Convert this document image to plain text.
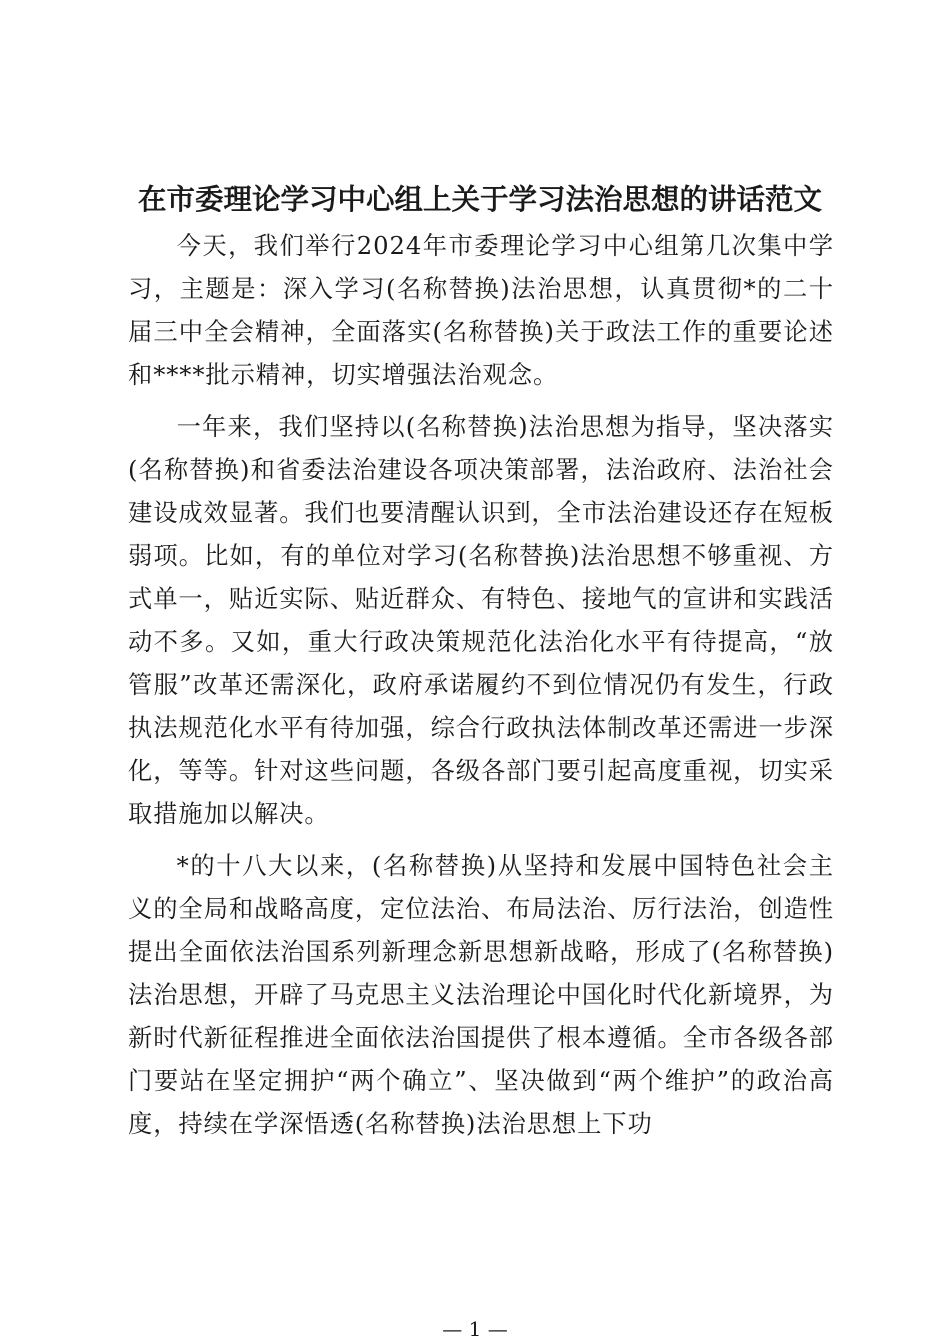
在市委理论学习中心组上关于学习法治思想的讲话范文

今天，我们举行2024年市委理论学习中心组第几次集中学习，主题是：深入学习(名称替换)法治思想，认真贯彻*的二十届三中全会精神，全面落实(名称替换)关于政法工作的重要论述和****批示精神，切实增强法治观念。

一年来，我们坚持以(名称替换)法治思想为指导，坚决落实(名称替换)和省委法治建设各项决策部署，法治政府、法治社会建设成效显著。我们也要清醒认识到，全市法治建设还存在短板弱项。比如，有的单位对学习(名称替换)法治思想不够重视、方式单一，贴近实际、贴近群众、有特色、接地气的宣讲和实践活动不多。又如，重大行政决策规范化法治化水平有待提高，“放管服”改革还需深化，政府承诺履约不到位情况仍有发生，行政执法规范化水平有待加强，综合行政执法体制改革还需进一步深化，等等。针对这些问题，各级各部门要引起高度重视，切实采取措施加以解决。

*的十八大以来，(名称替换)从坚持和发展中国特色社会主义的全局和战略高度，定位法治、布局法治、厉行法治，创造性提出全面依法治国系列新理念新思想新战略，形成了(名称替换)法治思想，开辟了马克思主义法治理论中国化时代化新境界，为新时代新征程推进全面依法治国提供了根本遵循。全市各级各部门要站在坚定拥护“两个确立”、坚决做到“两个维护”的政治高度，持续在学深悟透(名称替换)法治思想上下功

— 1 —
